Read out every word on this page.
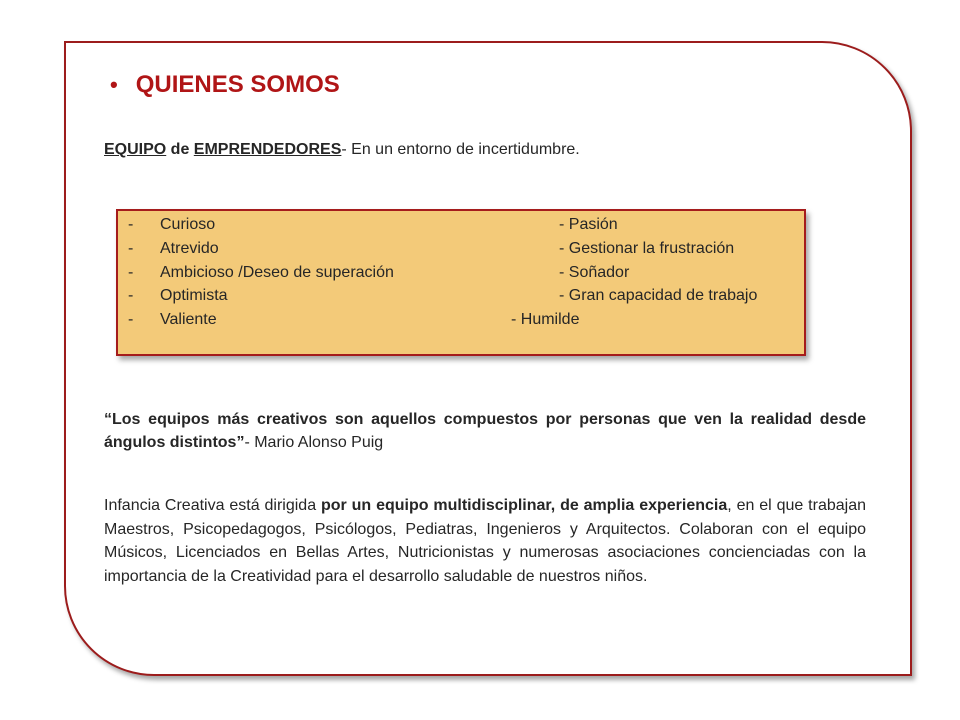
• QUIENES SOMOS

EQUIPO de EMPRENDEDORES- En un entorno de incertidumbre.

- Curioso
- Atrevido
- Ambicioso /Deseo de superación
- Optimista
- Valiente
- Pasión
- Gestionar la frustración
- Soñador
- Gran capacidad de trabajo
- Humilde

“Los equipos más creativos son aquellos compuestos por personas que ven la realidad desde ángulos distintos”- Mario Alonso Puig

Infancia Creativa está dirigida por un equipo multidisciplinar, de amplia experiencia, en el que trabajan Maestros, Psicopedagogos, Psicólogos, Pediatras, Ingenieros y Arquitectos. Colaboran con el equipo Músicos, Licenciados en Bellas Artes, Nutricionistas y numerosas asociaciones concienciadas con la importancia de la Creatividad para el desarrollo saludable de nuestros niños.
